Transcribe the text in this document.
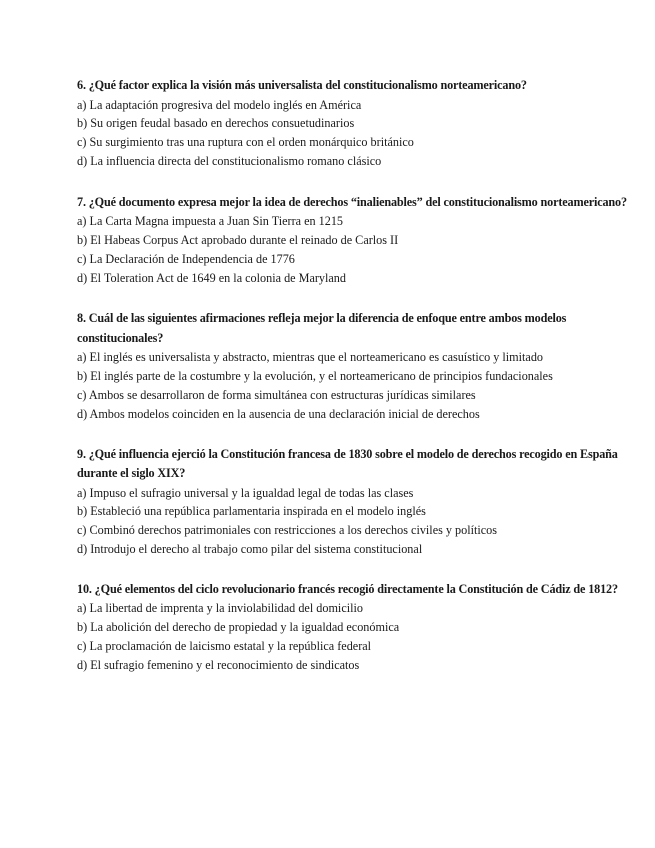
6. ¿Qué factor explica la visión más universalista del constitucionalismo norteamericano?

a) La adaptación progresiva del modelo inglés en América

b) Su origen feudal basado en derechos consuetudinarios

c) Su surgimiento tras una ruptura con el orden monárquico británico

d) La influencia directa del constitucionalismo romano clásico

7. ¿Qué documento expresa mejor la idea de derechos “inalienables” del constitucionalismo norteamericano?

a) La Carta Magna impuesta a Juan Sin Tierra en 1215

b) El Habeas Corpus Act aprobado durante el reinado de Carlos II

c) La Declaración de Independencia de 1776

d) El Toleration Act de 1649 en la colonia de Maryland

8. Cuál de las siguientes afirmaciones refleja mejor la diferencia de enfoque entre ambos modelos constitucionales?

a) El inglés es universalista y abstracto, mientras que el norteamericano es casuístico y limitado

b) El inglés parte de la costumbre y la evolución, y el norteamericano de principios fundacionales

c) Ambos se desarrollaron de forma simultánea con estructuras jurídicas similares

d) Ambos modelos coinciden en la ausencia de una declaración inicial de derechos

9. ¿Qué influencia ejerció la Constitución francesa de 1830 sobre el modelo de derechos recogido en España durante el siglo XIX?

a) Impuso el sufragio universal y la igualdad legal de todas las clases

b) Estableció una república parlamentaria inspirada en el modelo inglés

c) Combinó derechos patrimoniales con restricciones a los derechos civiles y políticos

d) Introdujo el derecho al trabajo como pilar del sistema constitucional

10. ¿Qué elementos del ciclo revolucionario francés recogió directamente la Constitución de Cádiz de 1812?

a) La libertad de imprenta y la inviolabilidad del domicilio

b) La abolición del derecho de propiedad y la igualdad económica

c) La proclamación de laicismo estatal y la república federal

d) El sufragio femenino y el reconocimiento de sindicatos
